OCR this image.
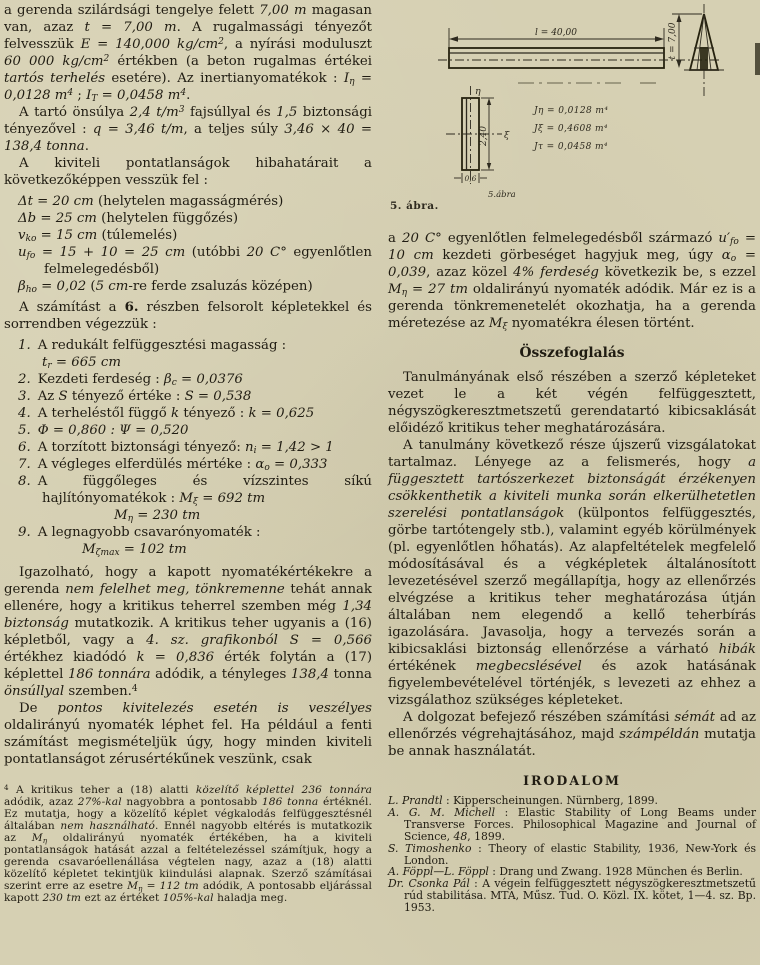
a gerenda szilárdsági tengelye felett 7,00 m magasan van, azaz t = 7,00 m. A rugalmassági tényezőt felvesszük E = 140,000 $kg/cm^2$, a nyírási moduluszt 60 000 $kg/cm^2$ értékben (a beton rugalmas értékei tartós terhelés esetére). Az inertianyomatékok : $I_\eta = 0,0128$ $m^4$ ; $I_T = 0,0458$ $m^4$.

A tartó önsúlya 2,4 $t/m^3$ fajsúllyal és 1,5 biztonsági tényezővel : q = 3,46 t/m, a teljes súly 3,46 × 40 = 138,4 tonna.

A kiviteli pontatlanságok hibahatárait a következőképpen vesszük fel :

Δt = 20 cm (helytelen magasságmérés)
Δb = 25 cm (helytelen függőzés)
$v_{ko} = 15$ cm (túlemelés)
$u_{fo} = 15 + 10 = 25$ cm (utóbbi 20 C° egyenlőtlen felmelegedésből)
$\beta_{ho} = 0,02$ (5 cm-re ferde zsaluzás középen)

A számítást a 6. részben felsorolt képletekkel és sorrendben végezzük :

1. A redukált felfüggesztési magasság :
$t_r = 665$ cm
2. Kezdeti ferdeség : $\beta_c = 0,0376$
3. Az S tényező értéke : S = 0,538
4. A terheléstől függő k tényező : k = 0,625
5. Φ = 0,860 : Ψ = 0,520
6. A torzított biztonsági tényező: $n_i = 1,42 > 1$
7. A végleges elferdülés mértéke : $\alpha_o = 0,333$
8. A függőleges és vízszintes síkú hajlítónyomatékok : $M_\xi = 692$ tm
$M_\eta = 230$ tm
9. A legnagyobb csavarónyomaték :
$M_{\zeta max} = 102$ tm

Igazolható, hogy a kapott nyomatékértékekre a gerenda nem felelhet meg, tönkremenne tehát annak ellenére, hogy a kritikus teherrel szemben még 1,34 biztonság mutatkozik. A kritikus teher ugyanis a (16) képletből, vagy a 4. sz. grafikonból S = 0,566 értékhez kiadódó k = 0,836 érték folytán a (17) képlettel 186 tonnára adódik, a tényleges 138,4 tonna önsúllyal szemben.$^4$

De pontos kivitelezés esetén is veszélyes oldalirányú nyomaték léphet fel. Ha például a fenti számítást megismételjük úgy, hogy minden kiviteli pontatlanságot zérusértékűnek veszünk, csak

$^4$ A kritikus teher a (18) alatti közelítő képlettel 236 tonnára adódik, azaz 27%-kal nagyobbra a pontosabb 186 tonna értéknél. Ez mutatja, hogy a közelítő képlet végkalodás felfüggesztésnél általában nem használható. Ennél nagyobb eltérés is mutatkozik az $M_\eta$ oldalirányú nyomaték értékében, ha a kiviteli pontatlanságok hatását azzal a feltételezéssel számítjuk, hogy a gerenda csavaróellenállása végtelen nagy, azaz a (18) alatti közelítő képletet tekintjük kiindulási alapnak. Szerző számításai szerint erre az esetre $M_\eta = 112$ tm adódik, A pontosabb eljárással kapott 230 tm ezt az értéket 105%-kal haladja meg.
l = 40,00	t = 7,00
η
ξ
2,40
0,6
5.ábra
Jη = 0,0128 m⁴
Jξ = 0,4608 m⁴
Jτ = 0,0458 m⁴
5. ábra.

a 20 C° egyenlőtlen felmelegedésből származó $u'_{fo} = 10$ cm kezdeti görbeséget hagyjuk meg, úgy $\alpha_o = 0,039$, azaz közel 4% ferdeség következik be, s ezzel $M_\eta = 27$ tm oldalirányú nyomaték adódik. Már ez is a gerenda tönkremenetelét okozhatja, ha a gerenda méretezése az $M_\xi$ nyomatékra élesen történt.

Összefoglalás

Tanulmányának első részében a szerző képleteket vezet le a két végén felfüggesztett, négyszögkeresztmetszetű gerendatartó kibicsaklását előidéző kritikus teher meghatározására.

A tanulmány következő része újszerű vizsgálatokat tartalmaz. Lényege az a felismerés, hogy a függesztett tartószerkezet biztonságát érzékenyen csökkenthetik a kiviteli munka során elkerülhetetlen szerelési pontatlanságok (külpontos felfüggesztés, görbe tartótengely stb.), valamint egyéb körülmények (pl. egyenlőtlen hőhatás). Az alapfeltételek megfelelő módosításával és a végképletek általánosított levezetésével szerző megállapítja, hogy az ellenőrzés elvégzése a kritikus teher meghatározása útján általában nem elegendő a kellő teherbírás igazolására. Javasolja, hogy a tervezés során a kibicsaklási biztonság ellenőrzése a várható hibák értékének megbecslésével és azok hatásának figyelembevételével történjék, s levezeti az ehhez a vizsgálathoz szükséges képleteket.

A dolgozat befejező részében számítási sémát ad az ellenőrzés végrehajtásához, majd számpéldán mutatja be annak használatát.

IRODALOM
L. Prandtl : Kipperscheinungen. Nürnberg, 1899.
A. G. M. Michell : Elastic Stability of Long Beams under Transverse Forces. Philosophical Magazine and Journal of Science, 48, 1899.
S. Timoshenko : Theory of elastic Stability, 1936, New-York és London.
A. Föppl—L. Föppl : Drang und Zwang. 1928 München és Berlin.
Dr. Csonka Pál : A végein felfüggesztett négyszögkeresztmetszetű rúd stabilitása. MTA, Műsz. Tud. O. Közl. IX. kötet, 1—4. sz. Bp. 1953.
